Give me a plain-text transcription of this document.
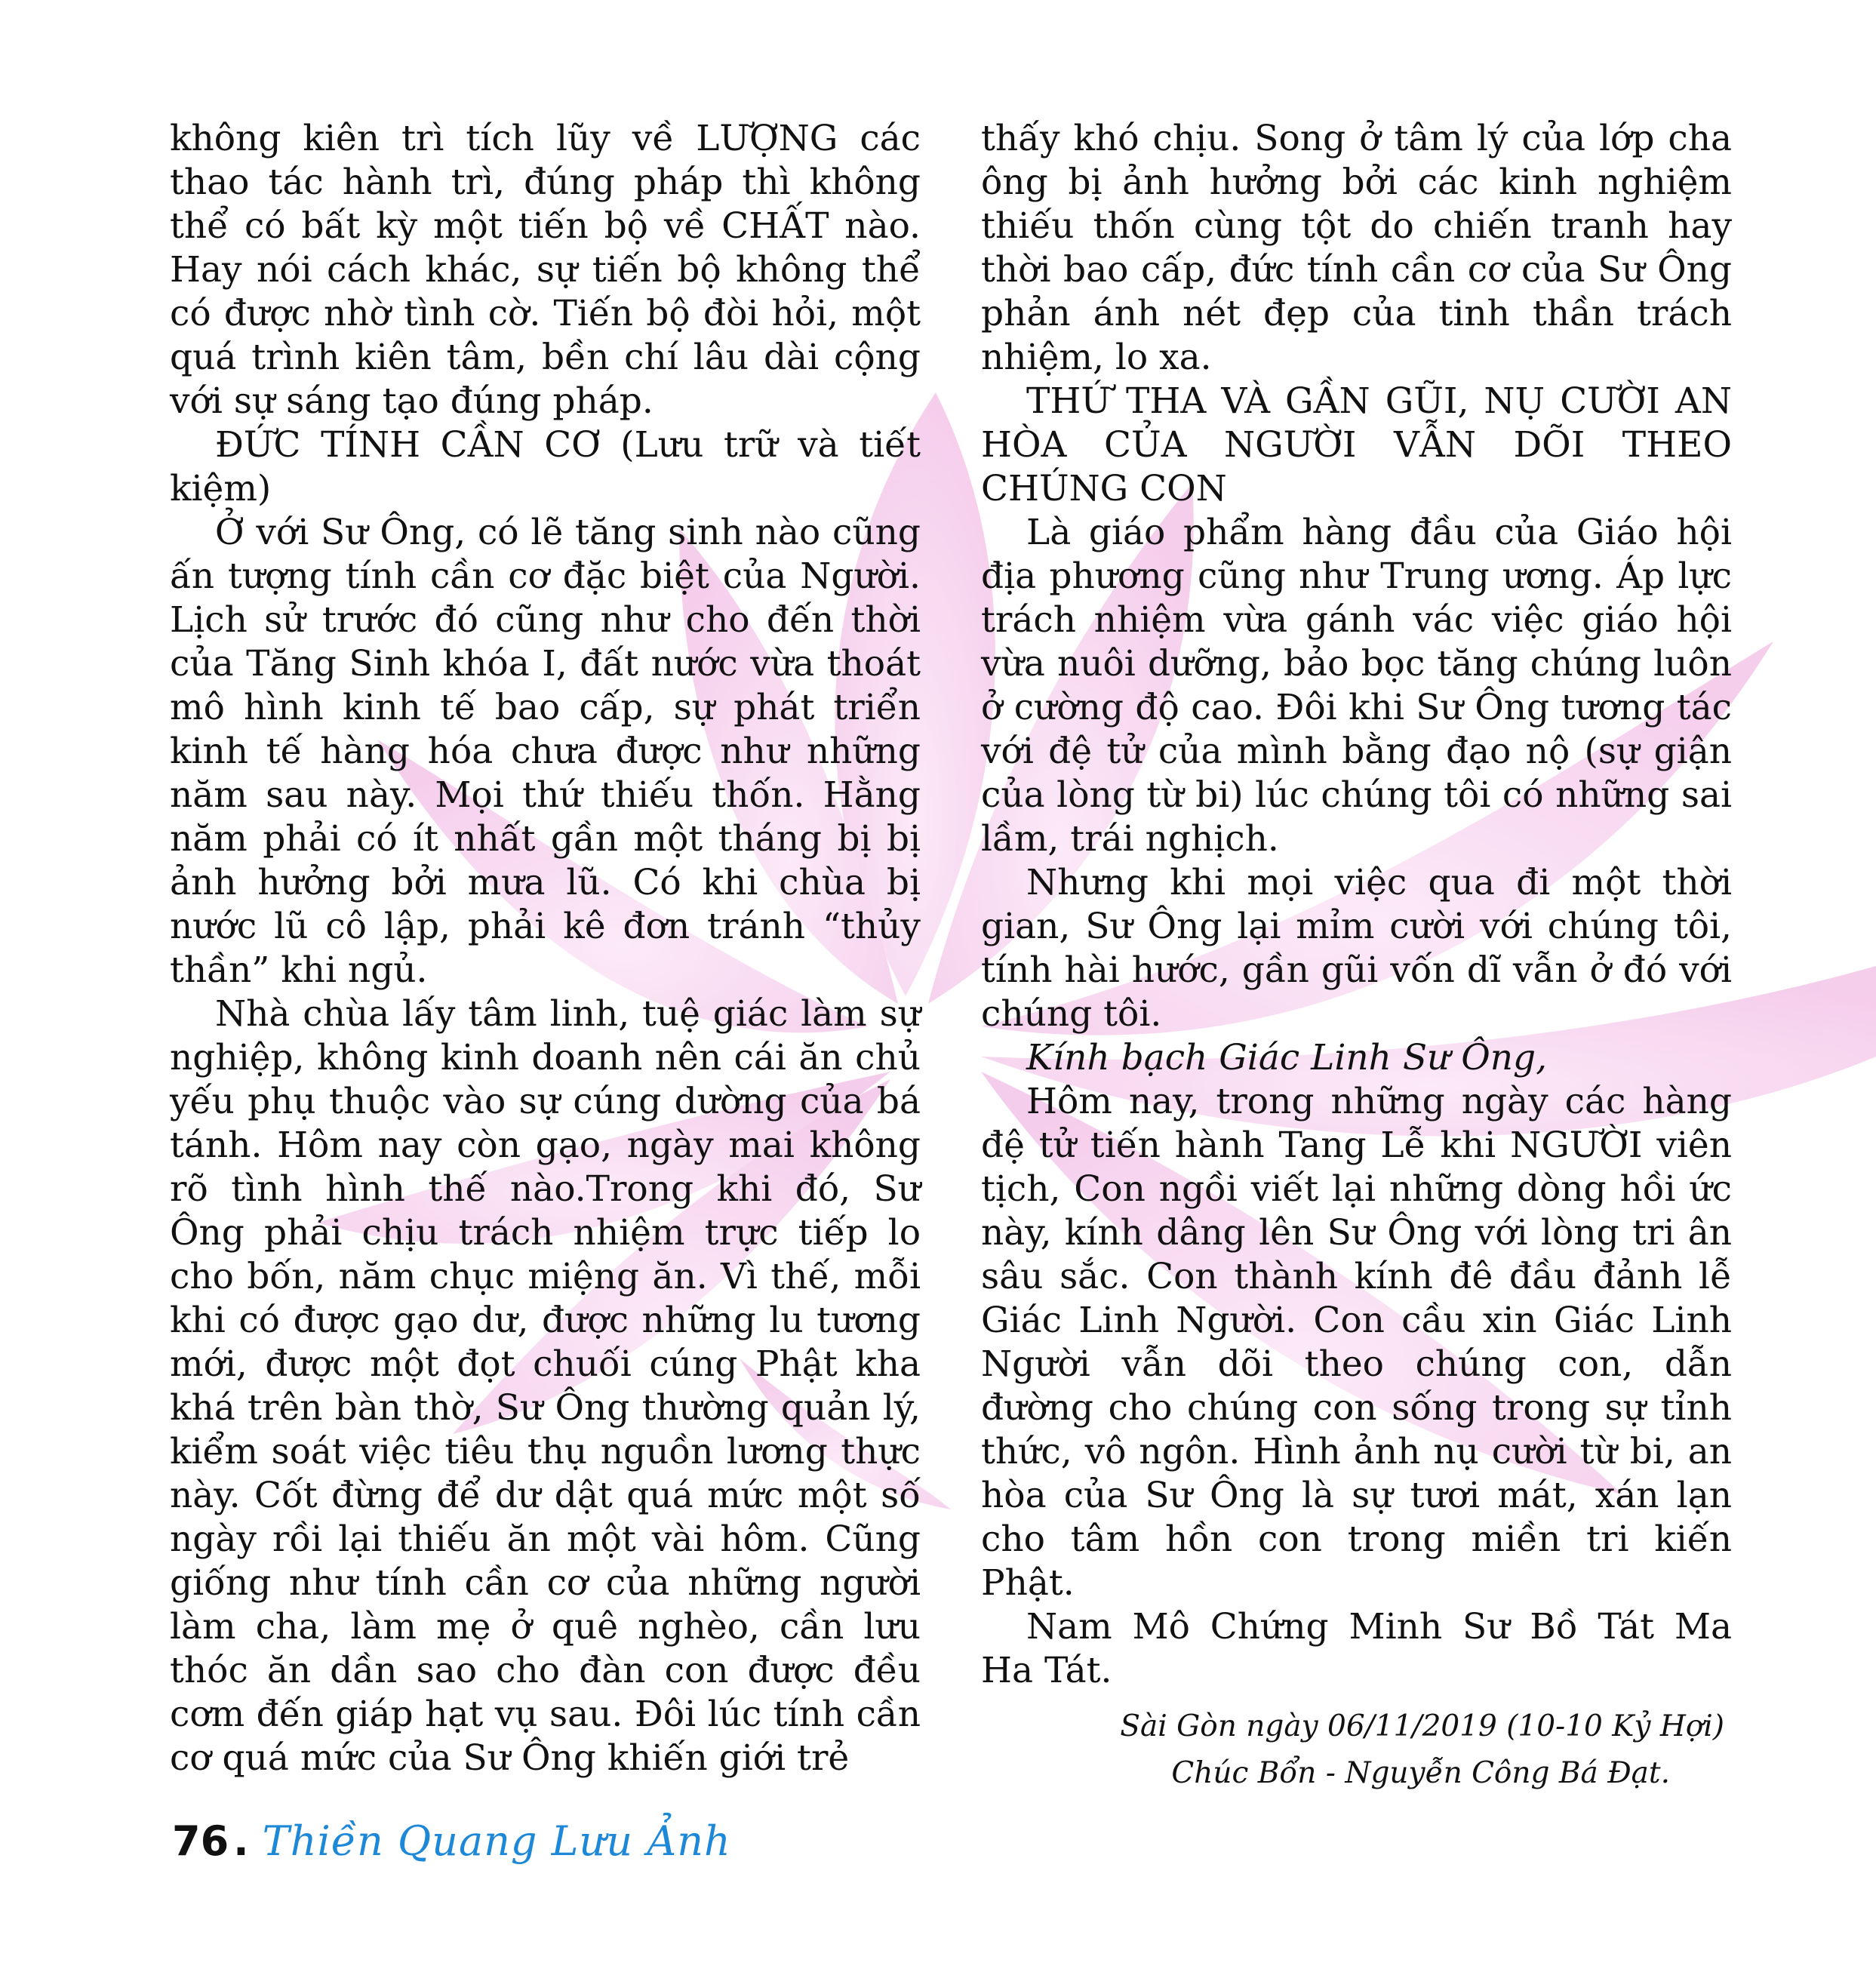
không kiên trì tích lũy về LƯỢNG các thao tác hành trì, đúng pháp thì không thể có bất kỳ một tiến bộ về CHẤT nào. Hay nói cách khác, sự tiến bộ không thể có được nhờ tình cờ. Tiến bộ đòi hỏi, một quá trình kiên tâm, bền chí lâu dài cộng với sự sáng tạo đúng pháp.

ĐỨC TÍNH CẦN CƠ (Lưu trữ và tiết kiệm)

Ở với Sư Ông, có lẽ tăng sinh nào cũng ấn tượng tính cần cơ đặc biệt của Người. Lịch sử trước đó cũng như cho đến thời của Tăng Sinh khóa I, đất nước vừa thoát mô hình kinh tế bao cấp, sự phát triển kinh tế hàng hóa chưa được như những năm sau này. Mọi thứ thiếu thốn. Hằng năm phải có ít nhất gần một tháng bị bị ảnh hưởng bởi mưa lũ. Có khi chùa bị nước lũ cô lập, phải kê đơn tránh “thủy thần” khi ngủ.

Nhà chùa lấy tâm linh, tuệ giác làm sự nghiệp, không kinh doanh nên cái ăn chủ yếu phụ thuộc vào sự cúng dường của bá tánh. Hôm nay còn gạo, ngày mai không rõ tình hình thế nào.Trong khi đó, Sư Ông phải chịu trách nhiệm trực tiếp lo cho bốn, năm chục miệng ăn. Vì thế, mỗi khi có được gạo dư, được những lu tương mới, được một đọt chuối cúng Phật kha khá trên bàn thờ, Sư Ông thường quản lý, kiểm soát việc tiêu thụ nguồn lương thực này. Cốt đừng để dư dật quá mức một số ngày rồi lại thiếu ăn một vài hôm. Cũng giống như tính cần cơ của những người làm cha, làm mẹ ở quê nghèo, cần lưu thóc ăn dần sao cho đàn con được đều cơm đến giáp hạt vụ sau. Đôi lúc tính cần cơ quá mức của Sư Ông khiến giới trẻ

thấy khó chịu. Song ở tâm lý của lớp cha ông bị ảnh hưởng bởi các kinh nghiệm thiếu thốn cùng tột do chiến tranh hay thời bao cấp, đức tính cần cơ của Sư Ông phản ánh nét đẹp của tinh thần trách nhiệm, lo xa.

THỨ THA VÀ GẦN GŨI, NỤ CƯỜI AN HÒA CỦA NGƯỜI VẪN DÕI THEO CHÚNG CON

Là giáo phẩm hàng đầu của Giáo hội địa phương cũng như Trung ương. Áp lực trách nhiệm vừa gánh vác việc giáo hội vừa nuôi dưỡng, bảo bọc tăng chúng luôn ở cường độ cao. Đôi khi Sư Ông tương tác với đệ tử của mình bằng đạo nộ (sự giận của lòng từ bi) lúc chúng tôi có những sai lầm, trái nghịch.

Nhưng khi mọi việc qua đi một thời gian, Sư Ông lại mỉm cười với chúng tôi, tính hài hước, gần gũi vốn dĩ vẫn ở đó với chúng tôi.

Kính bạch Giác Linh Sư Ông,

Hôm nay, trong những ngày các hàng đệ tử tiến hành Tang Lễ khi NGƯỜI viên tịch, Con ngồi viết lại những dòng hồi ức này, kính dâng lên Sư Ông với lòng tri ân sâu sắc. Con thành kính đê đầu đảnh lễ Giác Linh Người. Con cầu xin Giác Linh Người vẫn dõi theo chúng con, dẫn đường cho chúng con sống trong sự tỉnh thức, vô ngôn. Hình ảnh nụ cười từ bi, an hòa của Sư Ông là sự tươi mát, xán lạn cho tâm hồn con trong miền tri kiến Phật.

Nam Mô Chứng Minh Sư Bồ Tát Ma Ha Tát.

Sài Gòn ngày 06/11/2019 (10-10 Kỷ Hợi)
Chúc Bổn - Nguyễn Công Bá Đạt.
76 . Thiền Quang Lưu Ảnh
